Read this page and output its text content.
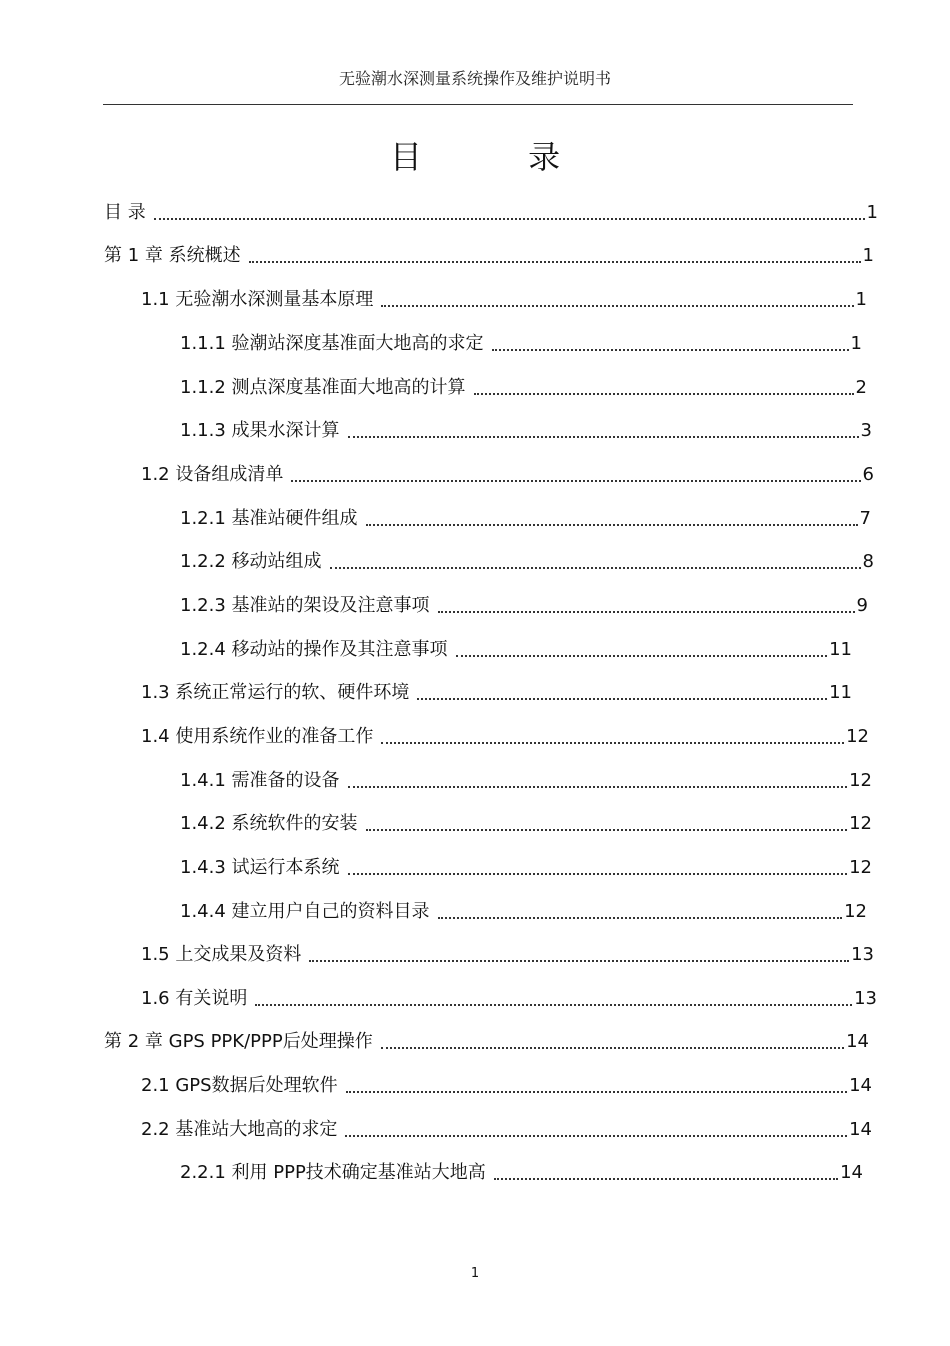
无验潮水深测量系统操作及维护说明书
目 录
目 录	1
第 1 章 系统概述	1
1.1 无验潮水深测量基本原理	1
1.1.1 验潮站深度基准面大地高的求定	1
1.1.2 测点深度基准面大地高的计算	2
1.1.3 成果水深计算	3
1.2 设备组成清单	6
1.2.1 基准站硬件组成	7
1.2.2 移动站组成	8
1.2.3 基准站的架设及注意事项	9
1.2.4 移动站的操作及其注意事项	11
1.3 系统正常运行的软、硬件环境	11
1.4 使用系统作业的准备工作	12
1.4.1 需准备的设备	12
1.4.2 系统软件的安装	12
1.4.3 试运行本系统	12
1.4.4 建立用户自己的资料目录	12
1.5 上交成果及资料	13
1.6 有关说明	13
第 2 章 GPS PPK/PPP后处理操作	14
2.1 GPS数据后处理软件	14
2.2 基准站大地高的求定	14
2.2.1 利用 PPP技术确定基准站大地高	14
1
